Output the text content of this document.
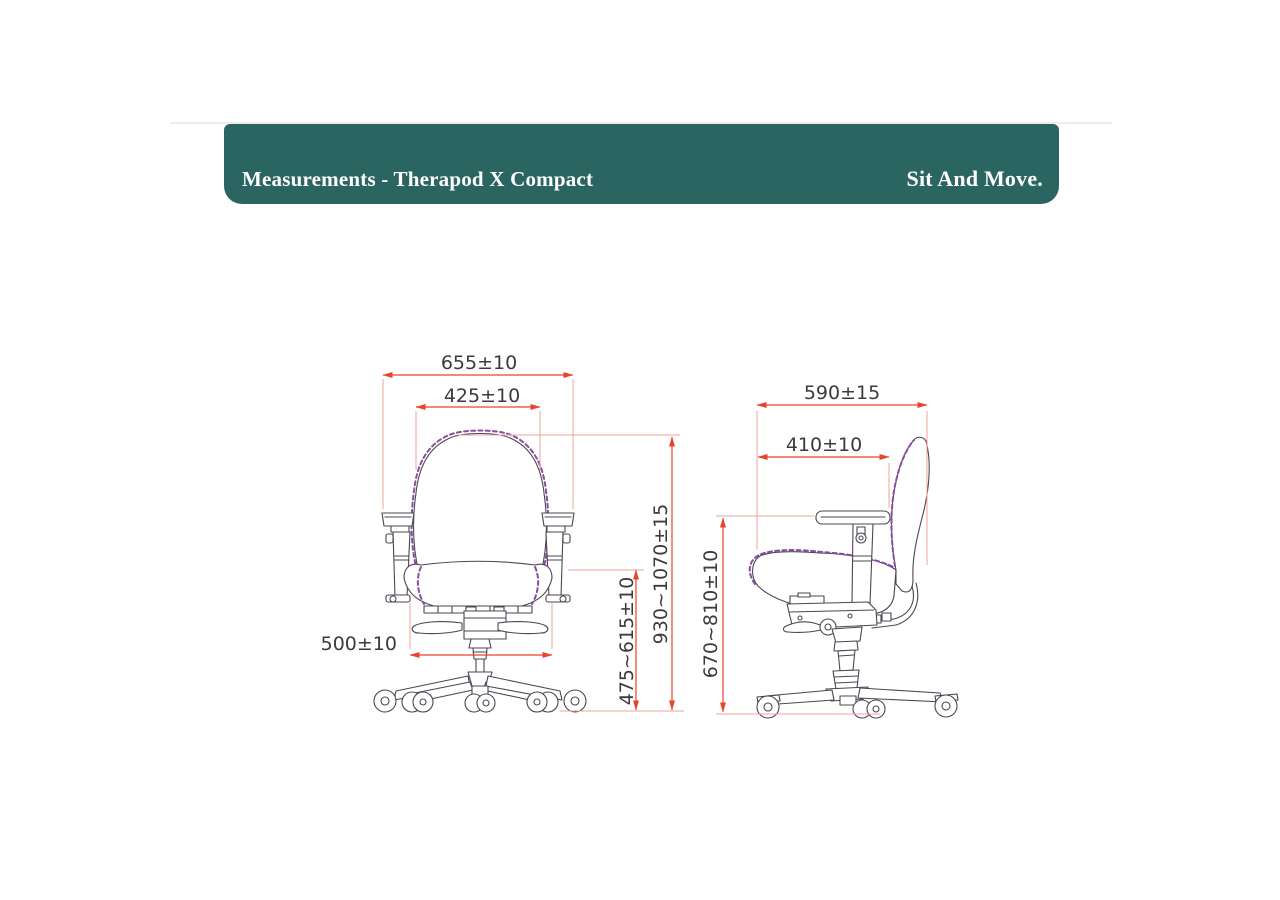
Measurements - Therapod X Compact	Sit And Move.
655±10
425±10
500±10	930~1070±15
475~615±10
590±15
410±10
670~810±10
